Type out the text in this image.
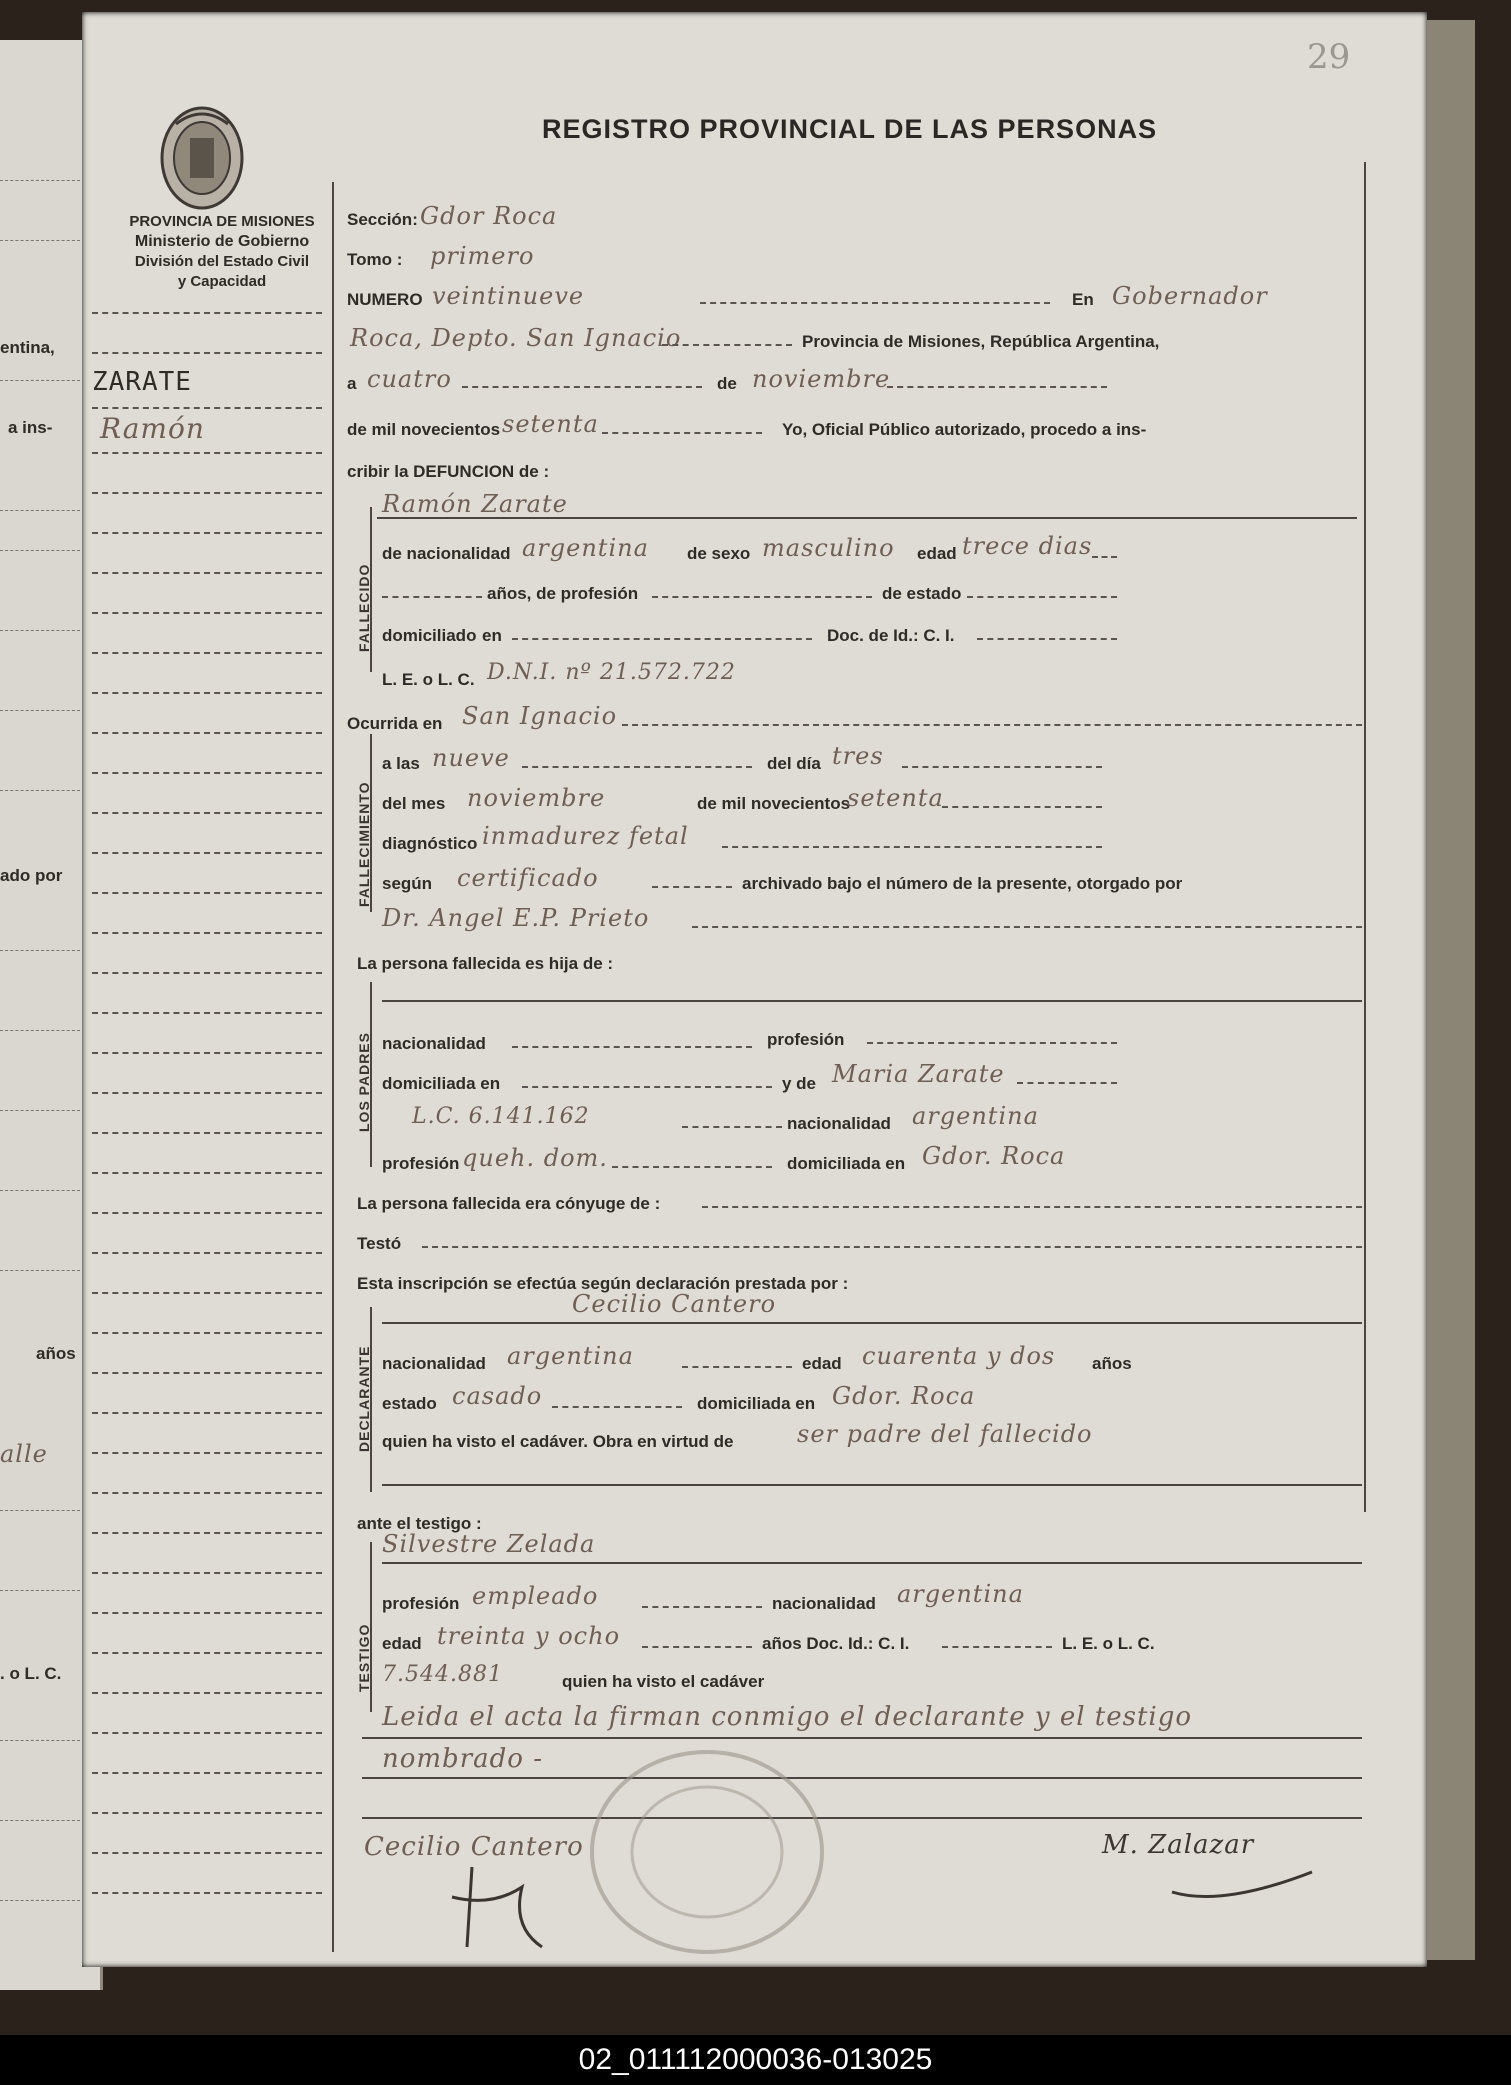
entina,
a ins-
ado por
años
alle
. o L. C.
29
PROVINCIA DE MISIONES
Ministerio de Gobierno
División del Estado Civil
y Capacidad
ZARATE
Ramón
REGISTRO PROVINCIAL DE LAS PERSONAS
Sección: Gdor Roca
Tomo : primero
NUMERO veintinueve	En Gobernador
Roca, Depto. San Ignacio	Provincia de Misiones, República Argentina,
a cuatro	de noviembre
de mil novecientos setenta	Yo, Oficial Público autorizado, procedo a ins-
cribir la DEFUNCION de :
FALLECIDO
Ramón Zarate
de nacionalidad argentina de sexo masculino edad trece dias
años, de profesión	de estado
domiciliado en	Doc. de Id.: C. I.
L. E. o L. C. D.N.I. nº 21.572.722
Ocurrida en San Ignacio
FALLECIMIENTO
a las nueve	del día tres
del mes noviembre	de mil novecientos
setenta
diagnóstico inmadurez fetal
según certificado	archivado bajo el número de la presente, otorgado por
Dr. Angel E.P. Prieto
La persona fallecida es hija de :
LOS PADRES nacionalidad	profesión
domiciliada en	y de Maria Zarate
L.C. 6.141.162	nacionalidad argentina
profesión queh. dom.	domiciliada en Gdor. Roca
La persona fallecida era cónyuge de :
Testó
Esta inscripción se efectúa según declaración prestada por :
DECLARANTE
Cecilio Cantero
nacionalidad argentina	edad cuarenta y dos años
estado casado	domiciliada en Gdor. Roca
quien ha visto el cadáver. Obra en virtud de	ser padre del fallecido
ante el testigo :
TESTIGO
Silvestre Zelada
profesión empleado	nacionalidad argentina
edad treinta y ocho	años Doc. Id.: C. I.	L. E. o L. C.
7.544.881	quien ha visto el cadáver
Leida el acta la firman conmigo el declarante y el testigo
nombrado -
Cecilio Cantero	M. Zalazar
02_011112000036-013025
